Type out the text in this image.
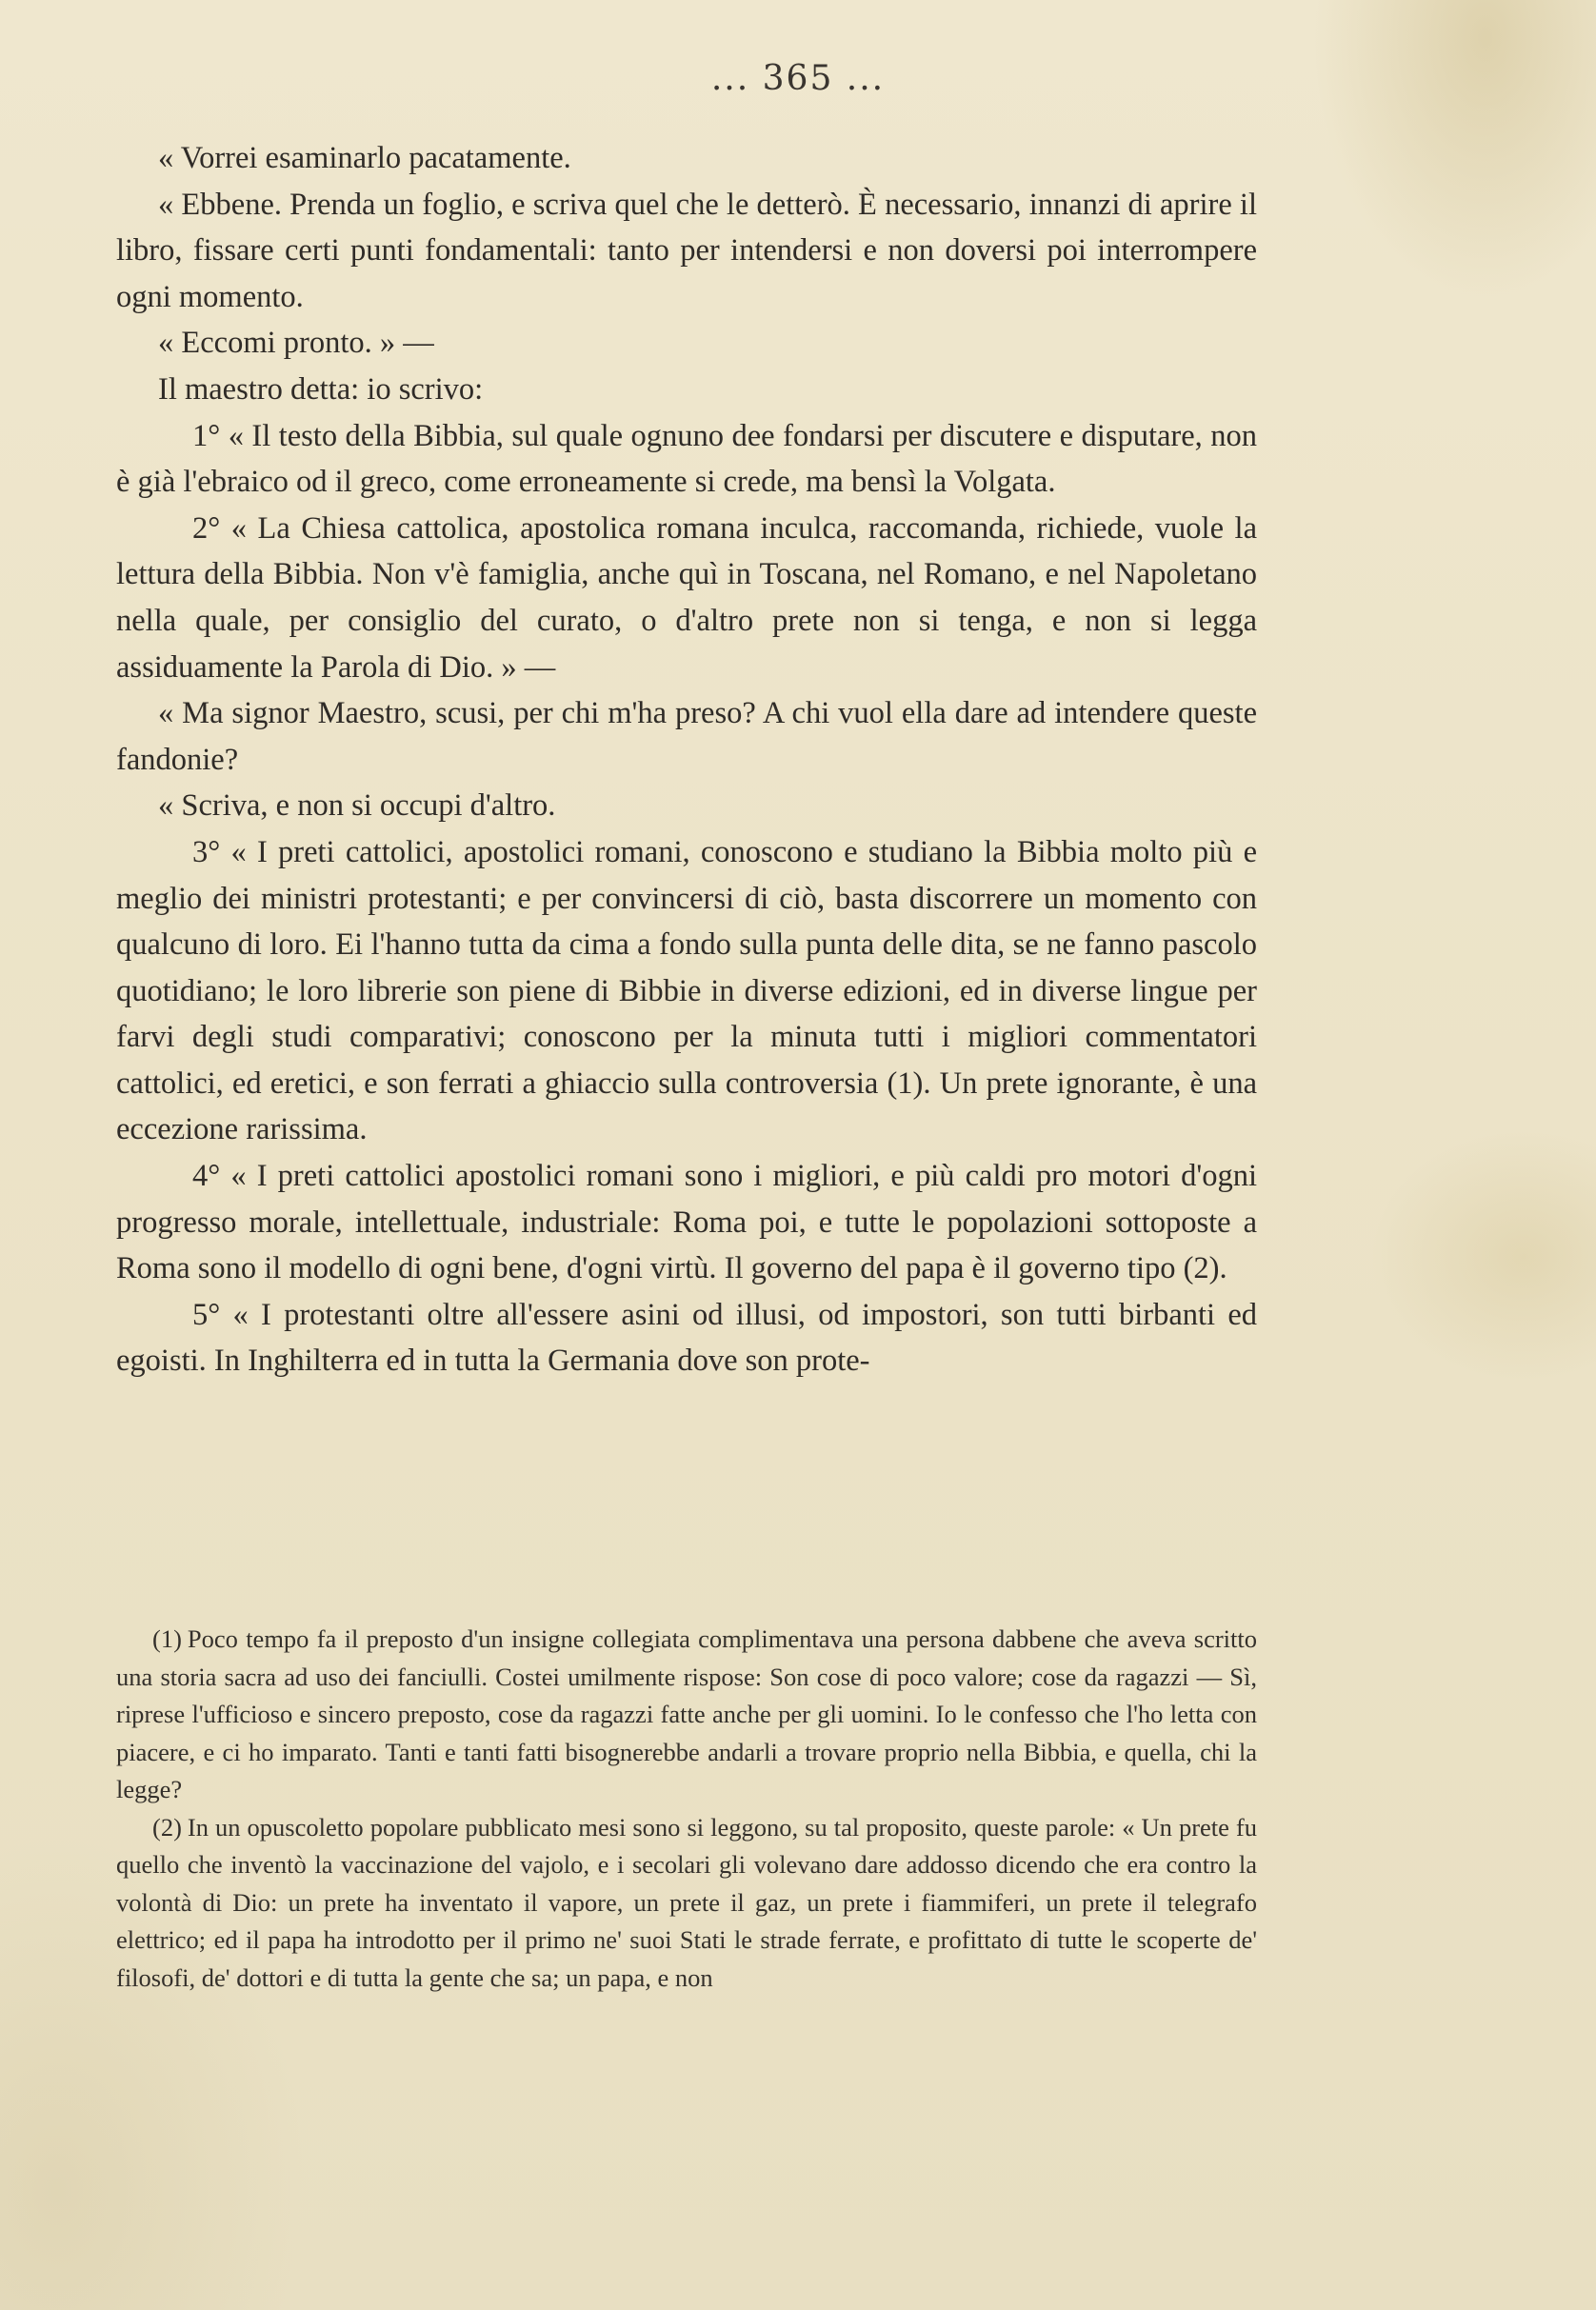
... 365 ...

« Vorrei esaminarlo pacatamente.

« Ebbene. Prenda un foglio, e scriva quel che le detterò. È necessario, innanzi di aprire il libro, fissare certi punti fondamentali: tanto per intendersi e non doversi poi interrompere ogni momento.

« Eccomi pronto. » —

Il maestro detta: io scrivo:

1° « Il testo della Bibbia, sul quale ognuno dee fondarsi per discutere e disputare, non è già l'ebraico od il greco, come erroneamente si crede, ma bensì la Volgata.

2° « La Chiesa cattolica, apostolica romana inculca, raccomanda, richiede, vuole la lettura della Bibbia. Non v'è famiglia, anche quì in Toscana, nel Romano, e nel Napoletano nella quale, per consiglio del curato, o d'altro prete non si tenga, e non si legga assiduamente la Parola di Dio. » —

« Ma signor Maestro, scusi, per chi m'ha preso? A chi vuol ella dare ad intendere queste fandonie?

« Scriva, e non si occupi d'altro.

3° « I preti cattolici, apostolici romani, conoscono e studiano la Bibbia molto più e meglio dei ministri protestanti; e per convincersi di ciò, basta discorrere un momento con qualcuno di loro. Ei l'hanno tutta da cima a fondo sulla punta delle dita, se ne fanno pascolo quotidiano; le loro librerie son piene di Bibbie in diverse edizioni, ed in diverse lingue per farvi degli studi comparativi; conoscono per la minuta tutti i migliori commentatori cattolici, ed eretici, e son ferrati a ghiaccio sulla controversia (1). Un prete ignorante, è una eccezione rarissima.

4° « I preti cattolici apostolici romani sono i migliori, e più caldi pro motori d'ogni progresso morale, intellettuale, industriale: Roma poi, e tutte le popolazioni sottoposte a Roma sono il modello di ogni bene, d'ogni virtù. Il governo del papa è il governo tipo (2).

5° « I protestanti oltre all'essere asini od illusi, od impostori, son tutti birbanti ed egoisti. In Inghilterra ed in tutta la Germania dove son prote-

(1) Poco tempo fa il preposto d'un insigne collegiata complimentava una persona dabbene che aveva scritto una storia sacra ad uso dei fanciulli. Costei umilmente rispose: Son cose di poco valore; cose da ragazzi — Sì, riprese l'ufficioso e sincero preposto, cose da ragazzi fatte anche per gli uomini. Io le confesso che l'ho letta con piacere, e ci ho imparato. Tanti e tanti fatti bisognerebbe andarli a trovare proprio nella Bibbia, e quella, chi la legge?

(2) In un opuscoletto popolare pubblicato mesi sono si leggono, su tal proposito, queste parole: « Un prete fu quello che inventò la vaccinazione del vajolo, e i secolari gli volevano dare addosso dicendo che era contro la volontà di Dio: un prete ha inventato il vapore, un prete il gaz, un prete i fiammiferi, un prete il telegrafo elettrico; ed il papa ha introdotto per il primo ne' suoi Stati le strade ferrate, e profittato di tutte le scoperte de' filosofi, de' dottori e di tutta la gente che sa; un papa, e non
